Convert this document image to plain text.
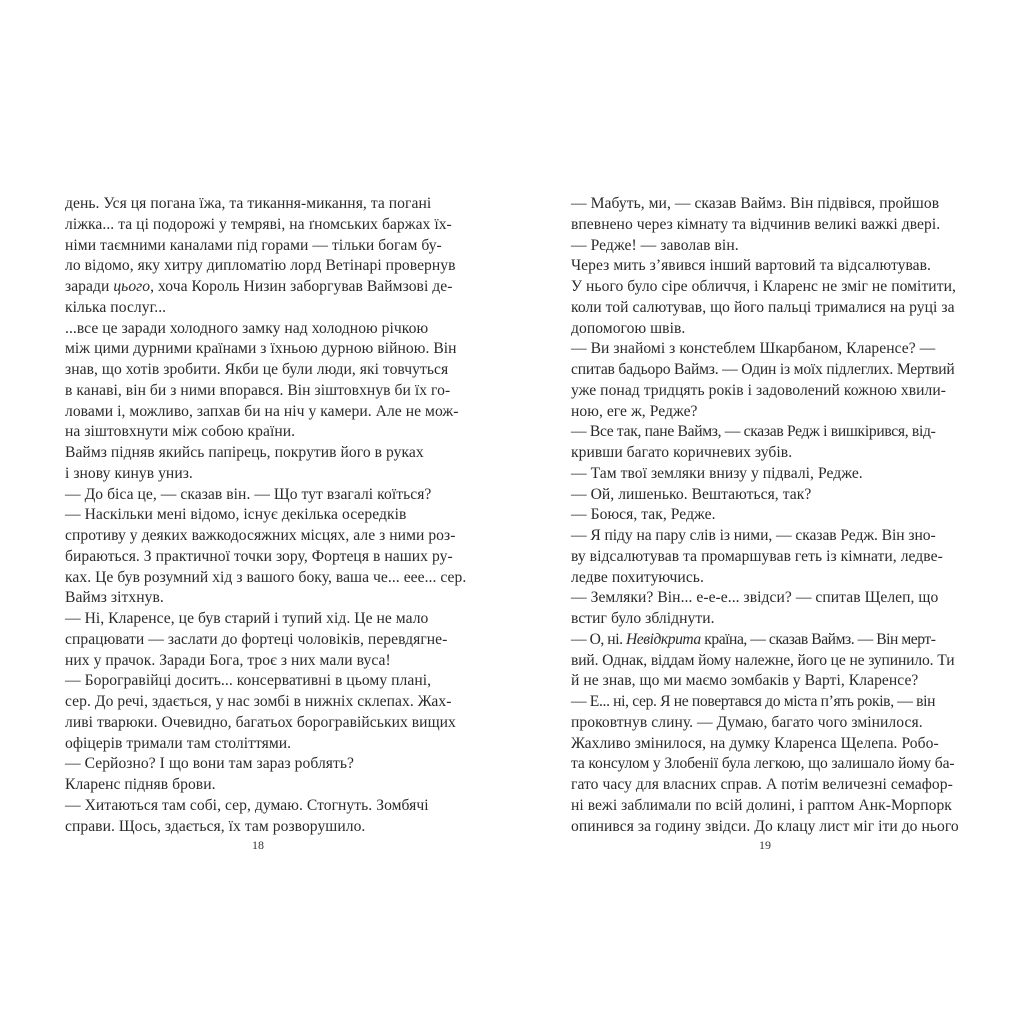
день. Уся ця погана їжа, та тикання-микання, та погані
ліжка... та ці подорожі у темряві, на ґномських баржах їх-
німи таємними каналами під горами — тільки богам бу-
ло відомо, яку хитру дипломатію лорд Ветінарі провернув
заради цього, хоча Король Низин заборгував Ваймзові де-
кілька послуг...
...все це заради холодного замку над холодною річкою
між цими дурними країнами з їхньою дурною війною. Він
знав, що хотів зробити. Якби це були люди, які товчуться
в канаві, він би з ними впорався. Він зіштовхнув би їх го-
ловами і, можливо, запхав би на ніч у камери. Але не мож-
на зіштовхнути між собою країни.
Ваймз підняв якийсь папірець, покрутив його в руках
і знову кинув униз.
— До біса це, — сказав він. — Що тут взагалі коїться?
— Наскільки мені відомо, існує декілька осередків
спротиву у деяких важкодосяжних місцях, але з ними роз-
бираються. З практичної точки зору, Фортеця в наших ру-
ках. Це був розумний хід з вашого боку, ваша че... еее... сер.
Ваймз зітхнув.
— Ні, Кларенсе, це був старий і тупий хід. Це не мало
спрацювати — заслати до фортеці чоловіків, перевдягне-
них у прачок. Заради Бога, троє з них мали вуса!
— Борогравійці досить... консервативні в цьому плані,
сер. До речі, здається, у нас зомбі в нижніх склепах. Жах-
ливі тварюки. Очевидно, багатьох борогравійських вищих
офіцерів тримали там століттями.
— Серйозно? І що вони там зараз роблять?
Кларенс підняв брови.
— Хитаються там собі, сер, думаю. Стогнуть. Зомбячі
справи. Щось, здається, їх там розворушило.
18
— Мабуть, ми, — сказав Ваймз. Він підвівся, пройшов
впевнено через кімнату та відчинив великі важкі двері.
— Редже! — заволав він.
Через мить з’явився інший вартовий та відсалютував.
У нього було сіре обличчя, і Кларенс не зміг не помітити,
коли той салютував, що його пальці трималися на руці за
допомогою швів.
— Ви знайомі з констеблем Шкарбаном, Кларенсе? —
спитав бадьоро Ваймз. — Один із моїх підлеглих. Мертвий
уже понад тридцять років і задоволений кожною хвили-
ною, еге ж, Редже?
— Все так, пане Ваймз, — сказав Редж і вишкірився, від-
кривши багато коричневих зубів.
— Там твої земляки внизу у підвалі, Редже.
— Ой, лишенько. Вештаються, так?
— Боюся, так, Редже.
— Я піду на пару слів із ними, — сказав Редж. Він зно-
ву відсалютував та промаршував геть із кімнати, ледве-
ледве похитуючись.
— Земляки? Він... е-е-е... звідси? — спитав Щелеп, що
встиг було збліднути.
— О, ні. Невідкрита країна, — сказав Ваймз. — Він мерт-
вий. Однак, віддам йому належне, його це не зупинило. Ти
й не знав, що ми маємо зомбаків у Варті, Кларенсе?
— Е... ні, сер. Я не повертався до міста п’ять років, — він
проковтнув слину. — Думаю, багато чого змінилося.
Жахливо змінилося, на думку Кларенса Щелепа. Робо-
та консулом у Злобенії була легкою, що залишало йому ба-
гато часу для власних справ. А потім величезні семафор-
ні вежі заблимали по всій долині, і раптом Анк-Морпорк
опинився за годину звідси. До клацу лист міг іти до нього
19
